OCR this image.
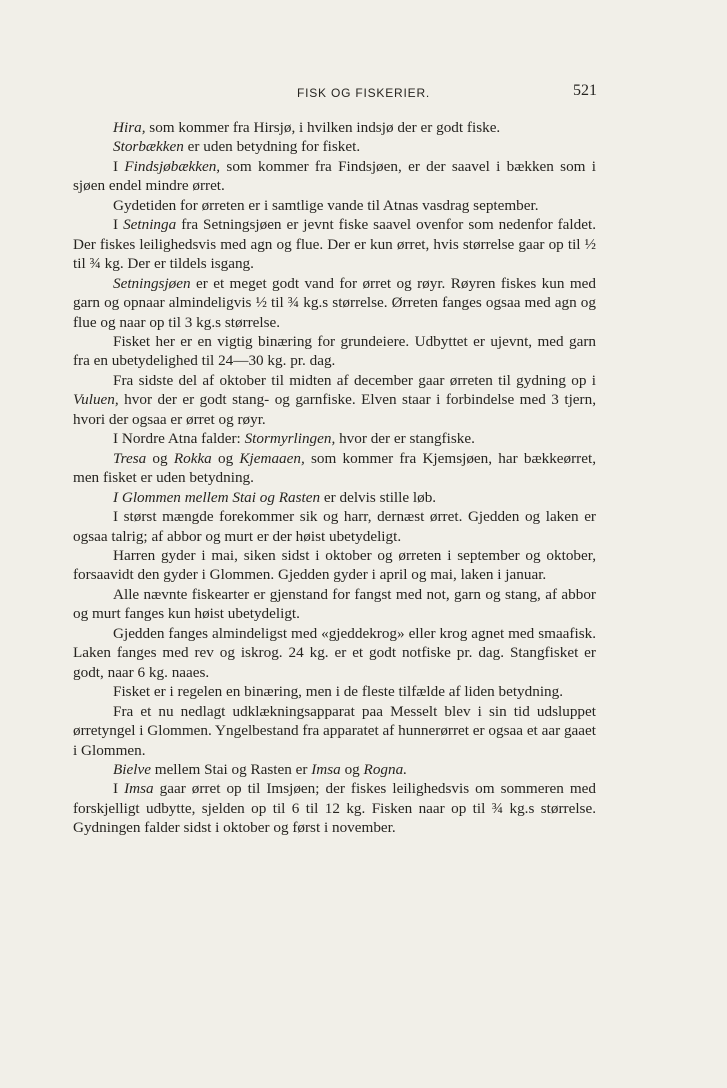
FISK OG FISKERIER.	521

Hira, som kommer fra Hirsjø, i hvilken indsjø der er godt fiske.

Storbækken er uden betydning for fisket.

I Findsjøbækken, som kommer fra Findsjøen, er der saavel i bækken som i sjøen endel mindre ørret.

Gydetiden for ørreten er i samtlige vande til Atnas vasdrag september.

I Setninga fra Setningsjøen er jevnt fiske saavel ovenfor som nedenfor faldet. Der fiskes leilighedsvis med agn og flue. Der er kun ørret, hvis størrelse gaar op til ½ til ¾ kg. Der er tildels isgang.

Setningsjøen er et meget godt vand for ørret og røyr. Røyren fiskes kun med garn og opnaar almindeligvis ½ til ¾ kg.s størrelse. Ørreten fanges ogsaa med agn og flue og naar op til 3 kg.s størrelse.

Fisket her er en vigtig binæring for grundeiere. Udbyttet er ujevnt, med garn fra en ubetydelighed til 24—30 kg. pr. dag.

Fra sidste del af oktober til midten af december gaar ørreten til gydning op i Vuluen, hvor der er godt stang- og garnfiske. Elven staar i forbindelse med 3 tjern, hvori der ogsaa er ørret og røyr.

I Nordre Atna falder: Stormyrlingen, hvor der er stangfiske.

Tresa og Rokka og Kjemaaen, som kommer fra Kjemsjøen, har bækkeørret, men fisket er uden betydning.

I Glommen mellem Stai og Rasten er delvis stille løb.

I størst mængde forekommer sik og harr, dernæst ørret. Gjedden og laken er ogsaa talrig; af abbor og murt er der høist ubetydeligt.

Harren gyder i mai, siken sidst i oktober og ørreten i september og oktober, forsaavidt den gyder i Glommen. Gjedden gyder i april og mai, laken i januar.

Alle nævnte fiskearter er gjenstand for fangst med not, garn og stang, af abbor og murt fanges kun høist ubetydeligt.

Gjedden fanges almindeligst med «gjeddekrog» eller krog agnet med smaafisk. Laken fanges med rev og iskrog. 24 kg. er et godt notfiske pr. dag. Stangfisket er godt, naar 6 kg. naaes.

Fisket er i regelen en binæring, men i de fleste tilfælde af liden betydning.

Fra et nu nedlagt udklækningsapparat paa Messelt blev i sin tid udsluppet ørretyngel i Glommen. Yngelbestand fra apparatet af hunnerørret er ogsaa et aar gaaet i Glommen.

Bielve mellem Stai og Rasten er Imsa og Rogna.

I Imsa gaar ørret op til Imsjøen; der fiskes leilighedsvis om sommeren med forskjelligt udbytte, sjelden op til 6 til 12 kg. Fisken naar op til ¾ kg.s størrelse. Gydningen falder sidst i oktober og først i november.
